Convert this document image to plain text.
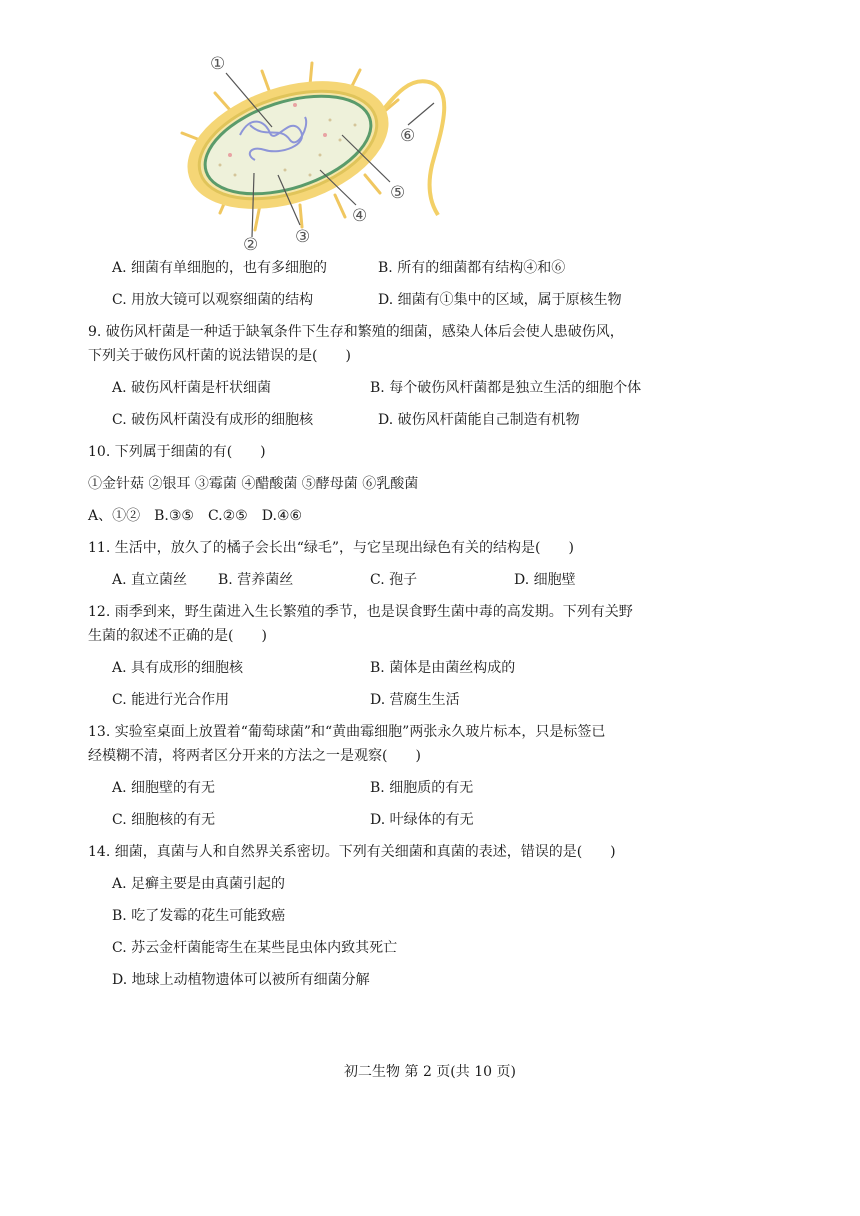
①
② ③
④
⑤
⑥
A. 细菌有单细胞的，也有多细胞的	B. 所有的细菌都有结构④和⑥
C. 用放大镜可以观察细菌的结构	D. 细菌有①集中的区域，属于原核生物
9. 破伤风杆菌是一种适于缺氧条件下生存和繁殖的细菌，感染人体后会使人患破伤风，
下列关于破伤风杆菌的说法错误的是(　　)
A. 破伤风杆菌是杆状细菌	B. 每个破伤风杆菌都是独立生活的细胞个体
C. 破伤风杆菌没有成形的细胞核	D. 破伤风杆菌能自己制造有机物
10. 下列属于细菌的有(　　)
①金针菇 ②银耳 ③霉菌 ④醋酸菌 ⑤酵母菌 ⑥乳酸菌
A、①②　B.③⑤　C.②⑤　D.④⑥
11. 生活中，放久了的橘子会长出“绿毛”，与它呈现出绿色有关的结构是(　　)
A. 直立菌丝 B. 营养菌丝	C. 孢子	D. 细胞壁
12. 雨季到来，野生菌进入生长繁殖的季节，也是误食野生菌中毒的高发期。下列有关野
生菌的叙述不正确的是(　　)
A. 具有成形的细胞核	B. 菌体是由菌丝构成的
C. 能进行光合作用	D. 营腐生生活
13. 实验室桌面上放置着“葡萄球菌”和“黄曲霉细胞”两张永久玻片标本，只是标签已
经模糊不清，将两者区分开来的方法之一是观察(　　)
A. 细胞壁的有无	B. 细胞质的有无
C. 细胞核的有无	D. 叶绿体的有无
14. 细菌，真菌与人和自然界关系密切。下列有关细菌和真菌的表述，错误的是(　　)
A. 足癣主要是由真菌引起的
B. 吃了发霉的花生可能致癌
C. 苏云金杆菌能寄生在某些昆虫体内致其死亡
D. 地球上动植物遗体可以被所有细菌分解
初二生物 第 2 页(共 10 页)
